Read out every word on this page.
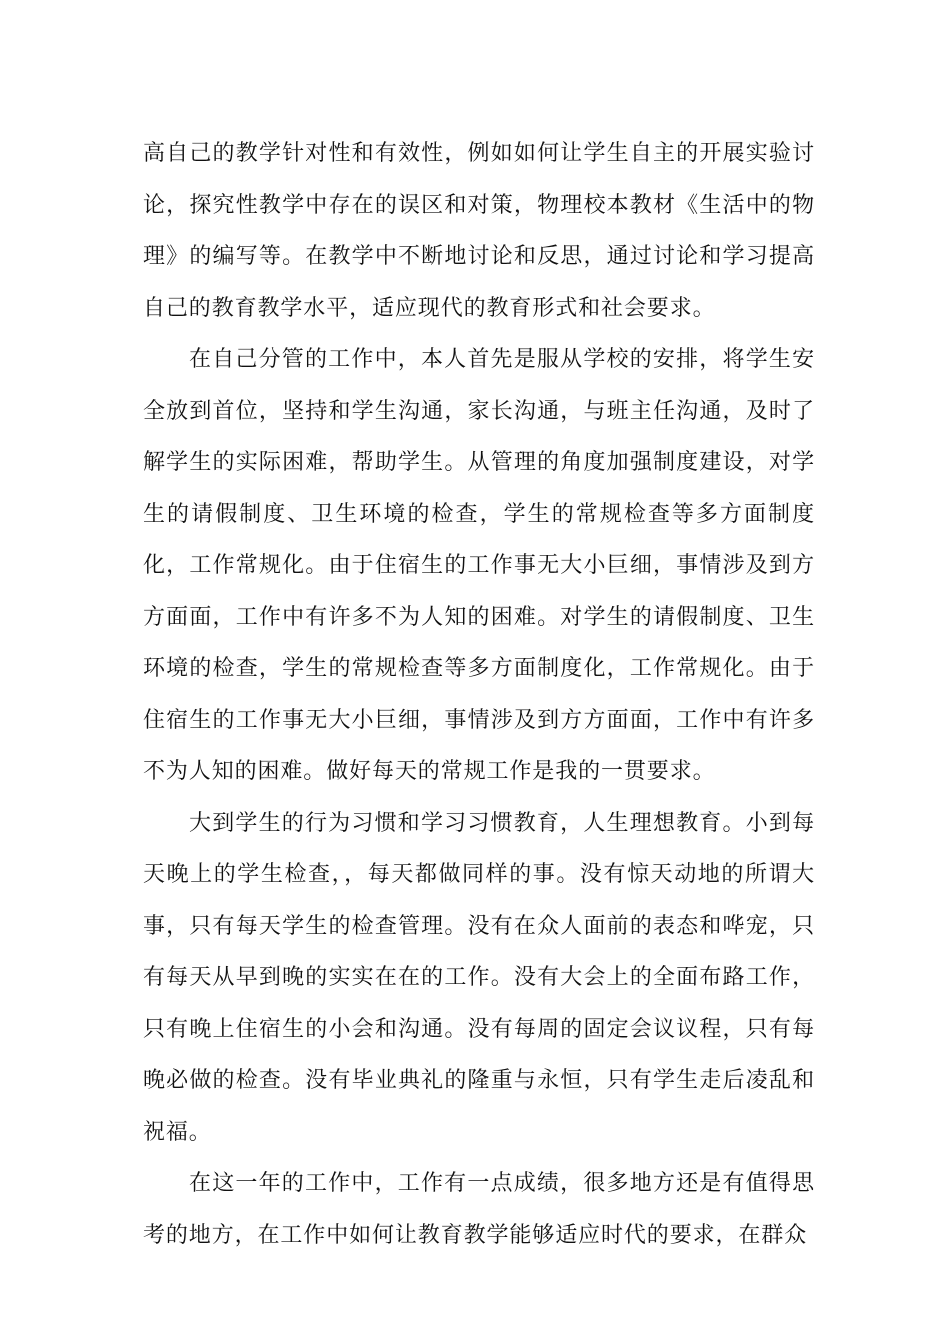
高自己的教学针对性和有效性，例如如何让学生自主的开展实验讨论，探究性教学中存在的误区和对策，物理校本教材《生活中的物理》的编写等。在教学中不断地讨论和反思，通过讨论和学习提高自己的教育教学水平，适应现代的教育形式和社会要求。

在自己分管的工作中，本人首先是服从学校的安排，将学生安全放到首位，坚持和学生沟通，家长沟通，与班主任沟通，及时了解学生的实际困难，帮助学生。从管理的角度加强制度建设，对学生的请假制度、卫生环境的检查，学生的常规检查等多方面制度化，工作常规化。由于住宿生的工作事无大小巨细，事情涉及到方方面面，工作中有许多不为人知的困难。对学生的请假制度、卫生环境的检查，学生的常规检查等多方面制度化，工作常规化。由于住宿生的工作事无大小巨细，事情涉及到方方面面，工作中有许多不为人知的困难。做好每天的常规工作是我的一贯要求。

大到学生的行为习惯和学习习惯教育，人生理想教育。小到每天晚上的学生检查，，每天都做同样的事。没有惊天动地的所谓大事，只有每天学生的检查管理。没有在众人面前的表态和哗宠，只有每天从早到晚的实实在在的工作。没有大会上的全面布路工作，只有晚上住宿生的小会和沟通。没有每周的固定会议议程，只有每晚必做的检查。没有毕业典礼的隆重与永恒，只有学生走后凌乱和祝福。

在这一年的工作中，工作有一点成绩，很多地方还是有值得思考的地方，在工作中如何让教育教学能够适应时代的要求，在群众
